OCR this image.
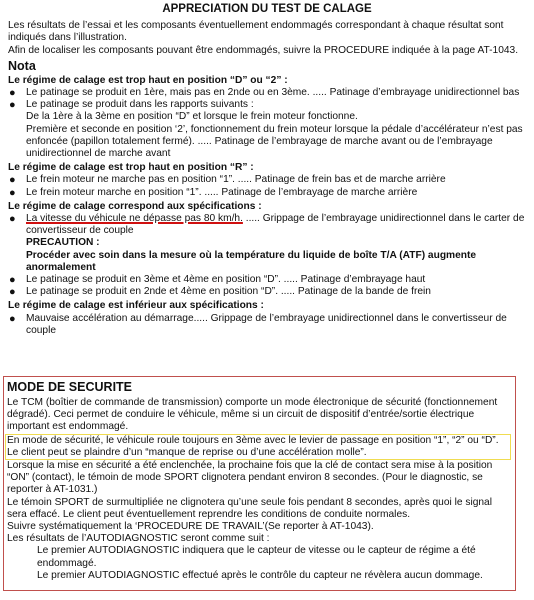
APPRECIATION DU TEST DE CALAGE

Les résultats de l’essai et les composants éventuellement endommagés correspondant à chaque résultat sont indiqués dans l’illustration.

Afin de localiser les composants pouvant être endommagés, suivre la PROCEDURE indiquée à la page AT-1043.

Nota
Le régime de calage est trop haut en position “D” ou “2” :
● Le patinage se produit en 1ère, mais pas en 2nde ou en 3ème. ..... Patinage d’embrayage unidirectionnel bas
● Le patinage se produit dans les rapports suivants :
De la 1ère à la 3ème en position “D” et lorsque le frein moteur fonctionne.
Première et seconde en position ‘2’, fonctionnement du frein moteur lorsque la pédale d’accélérateur n’est pas enfoncée (papillon totalement fermé). ..... Patinage de l’embrayage de marche avant ou de l’embrayage unidirectionnel de marche avant
Le régime de calage est trop haut en position “R” :
● Le frein moteur ne marche pas en position “1”. ..... Patinage de frein bas et de marche arrière
● Le frein moteur marche en position “1”. ..... Patinage de l’embrayage de marche arrière
Le régime de calage correspond aux spécifications :
● La vitesse du véhicule ne dépasse pas 80 km/h. ..... Grippage de l’embrayage unidirectionnel dans le carter de convertisseur de couple
PRECAUTION :
Procéder avec soin dans la mesure où la température du liquide de boîte T/A (ATF) augmente anormalement
● Le patinage se produit en 3ème et 4ème en position “D”. ..... Patinage d’embrayage haut
● Le patinage se produit en 2nde et 4ème en position “D”. ..... Patinage de la bande de frein
Le régime de calage est inférieur aux spécifications :
● Mauvaise accélération au démarrage..... Grippage de l’embrayage unidirectionnel dans le convertisseur de couple
MODE DE SECURITE

Le TCM (boîtier de commande de transmission) comporte un mode électronique de sécurité (fonctionnement dégradé). Ceci permet de conduire le véhicule, même si un circuit de dispositif d’entrée/sortie électrique important est endommagé.

En mode de sécurité, le véhicule roule toujours en 3ème avec le levier de passage en position “1”, “2” ou “D”. Le client peut se plaindre d’un “manque de reprise ou d’une accélération molle”.

Lorsque la mise en sécurité a été enclenchée, la prochaine fois que la clé de contact sera mise à la position “ON” (contact), le témoin de mode SPORT clignotera pendant environ 8 secondes. (Pour le diagnostic, se reporter à AT-1031.)

Le témoin SPORT de surmultipliée ne clignotera qu’une seule fois pendant 8 secondes, après quoi le signal sera effacé. Le client peut éventuellement reprendre les conditions de conduite normales.

Suivre systématiquement la ‘PROCEDURE DE TRAVAIL’(Se reporter à AT-1043).

Les résultats de l’AUTODIAGNOSTIC seront comme suit :

Le premier AUTODIAGNOSTIC indiquera que le capteur de vitesse ou le capteur de régime a été endommagé.

Le premier AUTODIAGNOSTIC effectué après le contrôle du capteur ne révèlera aucun dommage.
